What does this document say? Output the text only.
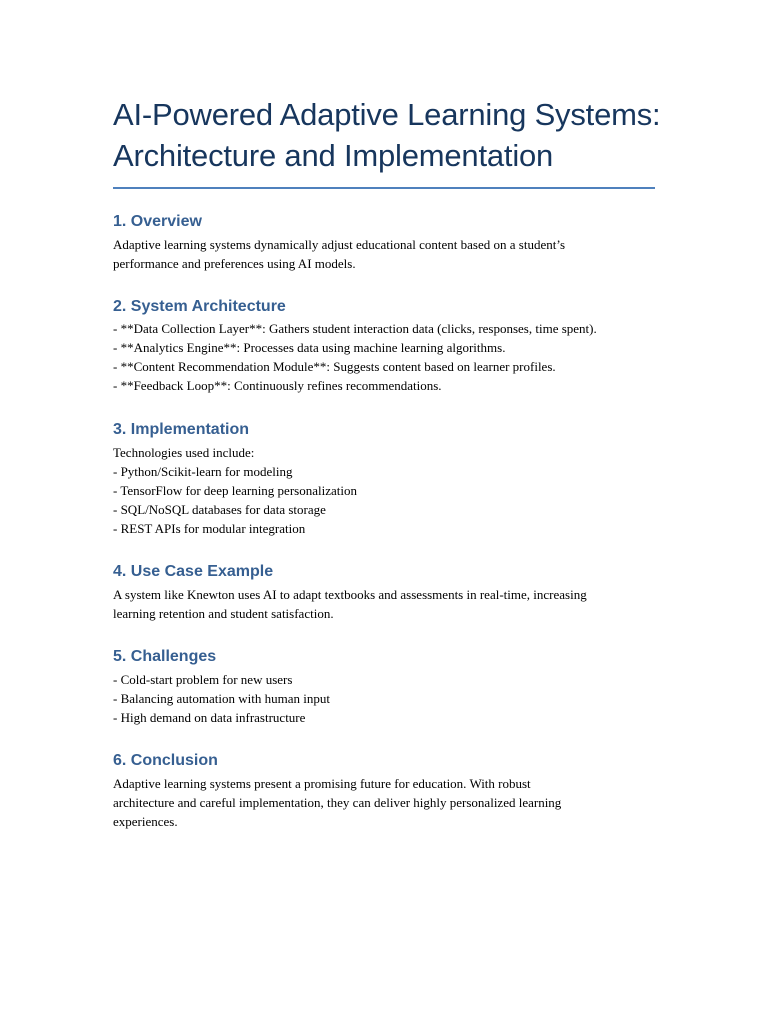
AI-Powered Adaptive Learning Systems:
Architecture and Implementation
1. Overview

Adaptive learning systems dynamically adjust educational content based on a student’s
performance and preferences using AI models.

2. System Architecture

- **Data Collection Layer**: Gathers student interaction data (clicks, responses, time spent).
- **Analytics Engine**: Processes data using machine learning algorithms.
- **Content Recommendation Module**: Suggests content based on learner profiles.
- **Feedback Loop**: Continuously refines recommendations.

3. Implementation

Technologies used include:
- Python/Scikit-learn for modeling
- TensorFlow for deep learning personalization
- SQL/NoSQL databases for data storage
- REST APIs for modular integration

4. Use Case Example

A system like Knewton uses AI to adapt textbooks and assessments in real-time, increasing
learning retention and student satisfaction.

5. Challenges

- Cold-start problem for new users
- Balancing automation with human input
- High demand on data infrastructure

6. Conclusion

Adaptive learning systems present a promising future for education. With robust
architecture and careful implementation, they can deliver highly personalized learning
experiences.
